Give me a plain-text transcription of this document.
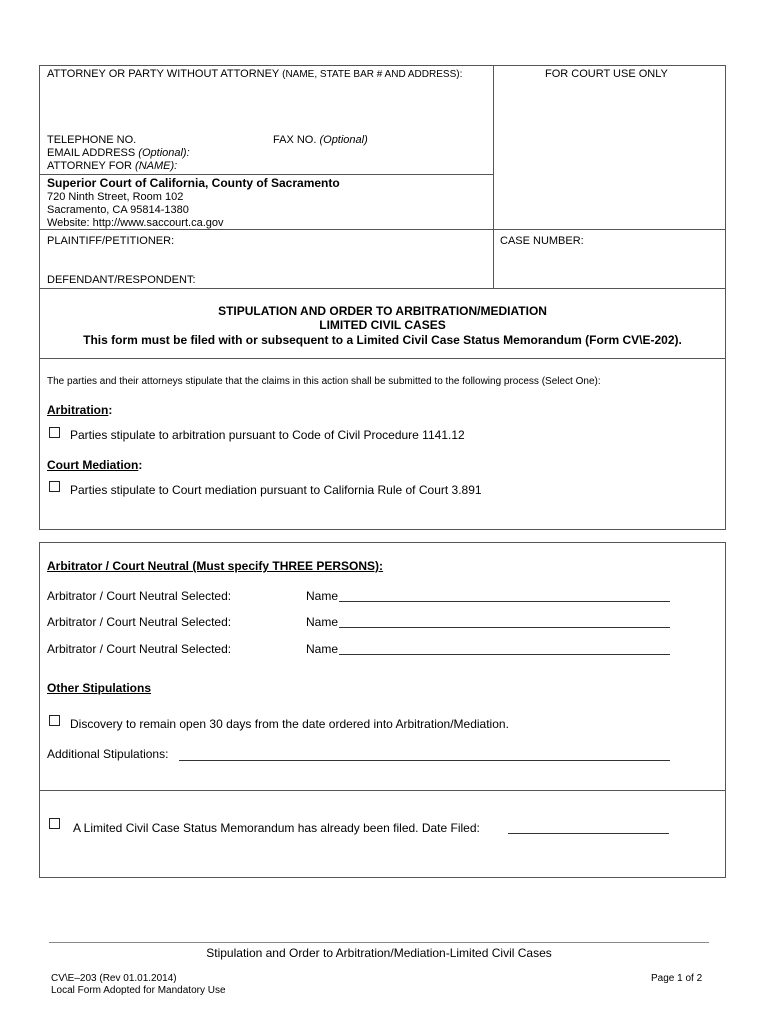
ATTORNEY OR PARTY WITHOUT ATTORNEY (NAME, STATE BAR # AND ADDRESS):	FOR COURT USE ONLY
TELEPHONE NO.	FAX NO. (Optional)
EMAIL ADDRESS (Optional):
ATTORNEY FOR (NAME):
Superior Court of California, County of Sacramento
720 Ninth Street, Room 102
Sacramento, CA 95814-1380
Website: http://www.saccourt.ca.gov
PLAINTIFF/PETITIONER:	CASE NUMBER:
DEFENDANT/RESPONDENT:
STIPULATION AND ORDER TO ARBITRATION/MEDIATION
LIMITED CIVIL CASES
This form must be filed with or subsequent to a Limited Civil Case Status Memorandum (Form CV\E-202).
The parties and their attorneys stipulate that the claims in this action shall be submitted to the following process (Select One):
Arbitration:
Parties stipulate to arbitration pursuant to Code of Civil Procedure 1141.12
Court Mediation:
Parties stipulate to Court mediation pursuant to California Rule of Court 3.891
Arbitrator / Court Neutral (Must specify THREE PERSONS):
Arbitrator / Court Neutral Selected:	Name
Arbitrator / Court Neutral Selected:	Name
Arbitrator / Court Neutral Selected:	Name
Other Stipulations
Discovery to remain open 30 days from the date ordered into Arbitration/Mediation.
Additional Stipulations:
A Limited Civil Case Status Memorandum has already been filed. Date Filed:
Stipulation and Order to Arbitration/Mediation-Limited Civil Cases
CV\E–203 (Rev 01.01.2014)
Local Form Adopted for Mandatory Use
Page 1 of 2
